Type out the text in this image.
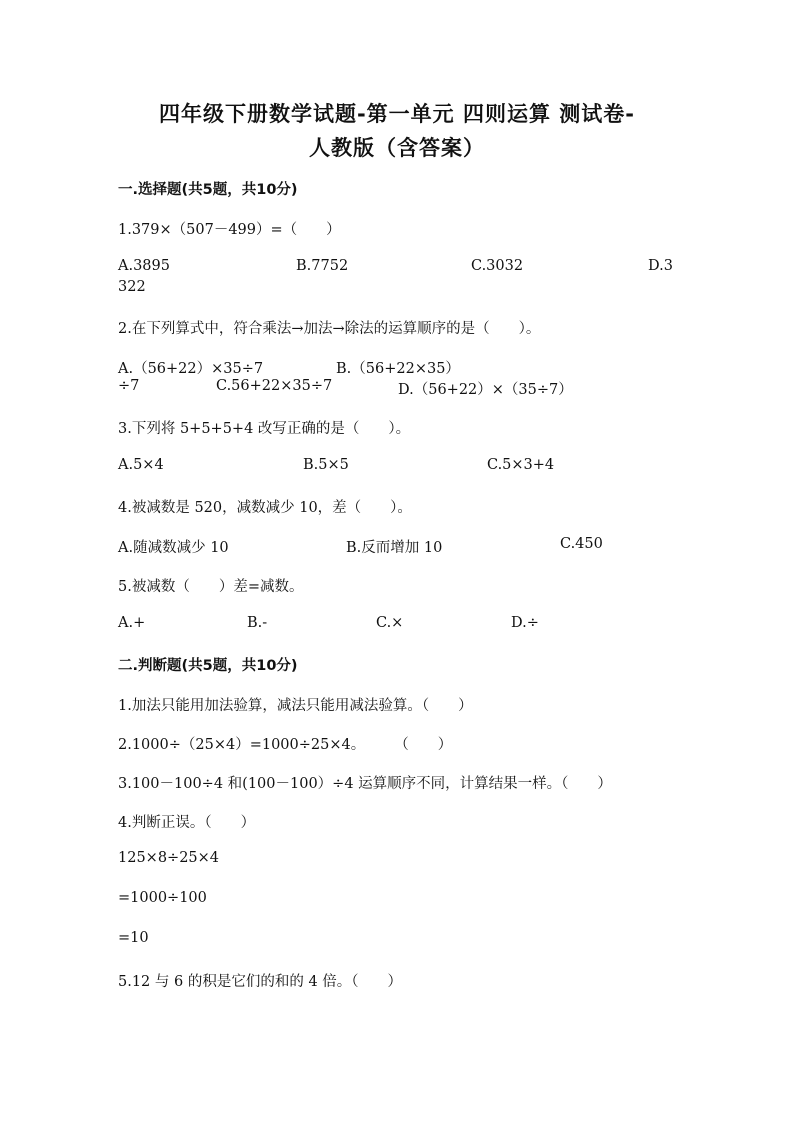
四年级下册数学试题-第一单元 四则运算 测试卷-
人教版（含答案）
一.选择题(共5题，共10分)
1.379×（507－499）=（　　）
A.3895	B.7752	C.3032	D.3
322
2.在下列算式中，符合乘法→加法→除法的运算顺序的是（　　）。
A.（56+22）×35÷7	B.（56+22×35）
÷7	C.56+22×35÷7	D.（56+22）×（35÷7）
3.下列将 5+5+5+4 改写正确的是（　　）。
A.5×4	B.5×5	C.5×3+4
4.被减数是 520，减数减少 10，差（　　）。
A.随减数减少 10	B.反而增加 10	C.450
5.被减数（　　）差=减数。
A.+	B.-	C.×	D.÷
二.判断题(共5题，共10分)
1.加法只能用加法验算，减法只能用减法验算。（　　）
2.1000÷（25×4）=1000÷25×4。　　　（　　）
3.100－100÷4 和(100－100）÷4 运算顺序不同，计算结果一样。（　　）
4.判断正误。（　　）
125×8÷25×4
=1000÷100
=10
5.12 与 6 的积是它们的和的 4 倍。（　　）
